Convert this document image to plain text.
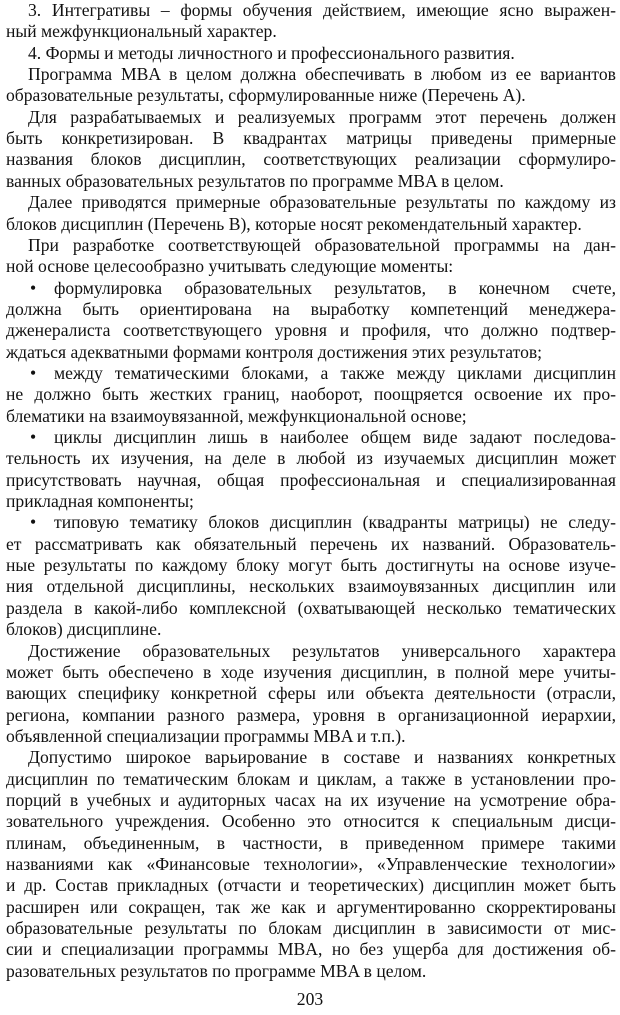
3. Интегративы – формы обучения действием, имеющие ясно выражен-
ный межфункциональный характер.
4. Формы и методы личностного и профессионального развития.
Программа MBA в целом должна обеспечивать в любом из ее вариантов
образовательные результаты, сформулированные ниже (Перечень А).
Для разрабатываемых и реализуемых программ этот перечень должен
быть конкретизирован. В квадрантах матрицы приведены примерные
названия блоков дисциплин, соответствующих реализации сформулиро-
ванных образовательных результатов по программе MBA в целом.
Далее приводятся примерные образовательные результаты по каждому из
блоков дисциплин (Перечень В), которые носят рекомендательный характер.
При разработке соответствующей образовательной программы на дан-
ной основе целесообразно учитывать следующие моменты:
• формулировка образовательных результатов, в конечном счете,
должна быть ориентирована на выработку компетенций менеджера-
дженералиста соответствующего уровня и профиля, что должно подтвер-
ждаться адекватными формами контроля достижения этих результатов;
• между тематическими блоками, а также между циклами дисциплин
не должно быть жестких границ, наоборот, поощряется освоение их про-
блематики на взаимоувязанной, межфункциональной основе;
• циклы дисциплин лишь в наиболее общем виде задают последова-
тельность их изучения, на деле в любой из изучаемых дисциплин может
присутствовать научная, общая профессиональная и специализированная
прикладная компоненты;
• типовую тематику блоков дисциплин (квадранты матрицы) не следу-
ет рассматривать как обязательный перечень их названий. Образователь-
ные результаты по каждому блоку могут быть достигнуты на основе изуче-
ния отдельной дисциплины, нескольких взаимоувязанных дисциплин или
раздела в какой-либо комплексной (охватывающей несколько тематических
блоков) дисциплине.
Достижение образовательных результатов универсального характера
может быть обеспечено в ходе изучения дисциплин, в полной мере учиты-
вающих специфику конкретной сферы или объекта деятельности (отрасли,
региона, компании разного размера, уровня в организационной иерархии,
объявленной специализации программы MBA и т.п.).
Допустимо широкое варьирование в составе и названиях конкретных
дисциплин по тематическим блокам и циклам, а также в установлении про-
порций в учебных и аудиторных часах на их изучение на усмотрение обра-
зовательного учреждения. Особенно это относится к специальным дисци-
плинам, объединенным, в частности, в приведенном примере такими
названиями как «Финансовые технологии», «Управленческие технологии»
и др. Состав прикладных (отчасти и теоретических) дисциплин может быть
расширен или сокращен, так же как и аргументированно скорректированы
образовательные результаты по блокам дисциплин в зависимости от мис-
сии и специализации программы MBA, но без ущерба для достижения об-
разовательных результатов по программе MBA в целом.
203
